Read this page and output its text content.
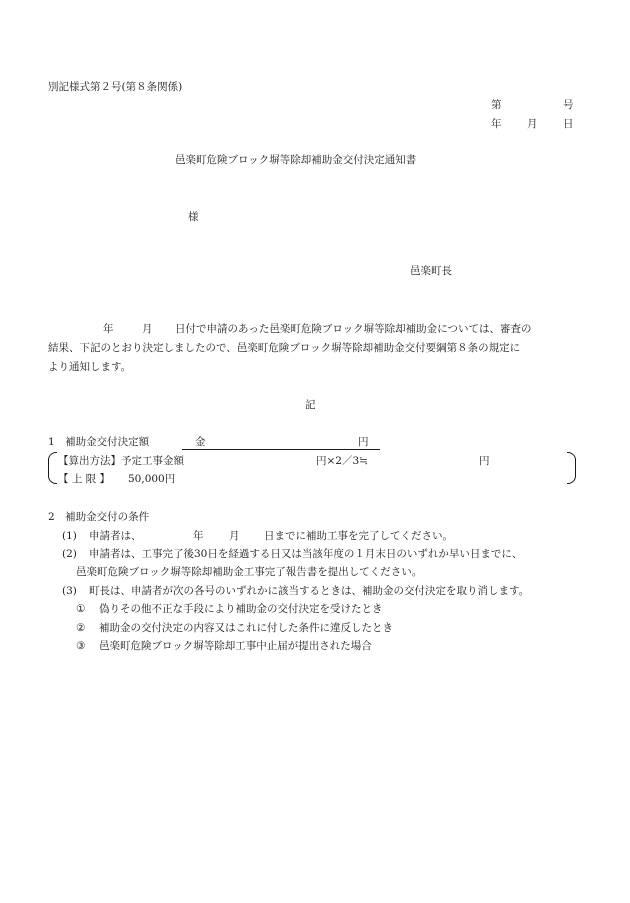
別記様式第２号(第８条関係)
第	号
年 月 日
邑楽町危険ブロック塀等除却補助金交付決定通知書
様
邑楽町長
年	月 日付で申請のあった邑楽町危険ブロック塀等除却補助金については、審査の
結果、下記のとおり決定しましたので、邑楽町危険ブロック塀等除却補助金交付要綱第８条の規定に
より通知します。
記
1　補助金交付決定額	金	円
【算出方法】予定工事金額	円×2／3≒	円
【 上 限 】 50,000円
2　補助金交付の条件
(1) 申請者は、	年 月 日までに補助工事を完了してください。
(2) 申請者は、工事完了後30日を経過する日又は当該年度の１月末日のいずれか早い日までに、
邑楽町危険ブロック塀等除却補助金工事完了報告書を提出してください。
(3) 町長は、申請者が次の各号のいずれかに該当するときは、補助金の交付決定を取り消します。
① 偽りその他不正な手段により補助金の交付決定を受けたとき
② 補助金の交付決定の内容又はこれに付した条件に違反したとき
③ 邑楽町危険ブロック塀等除却工事中止届が提出された場合
